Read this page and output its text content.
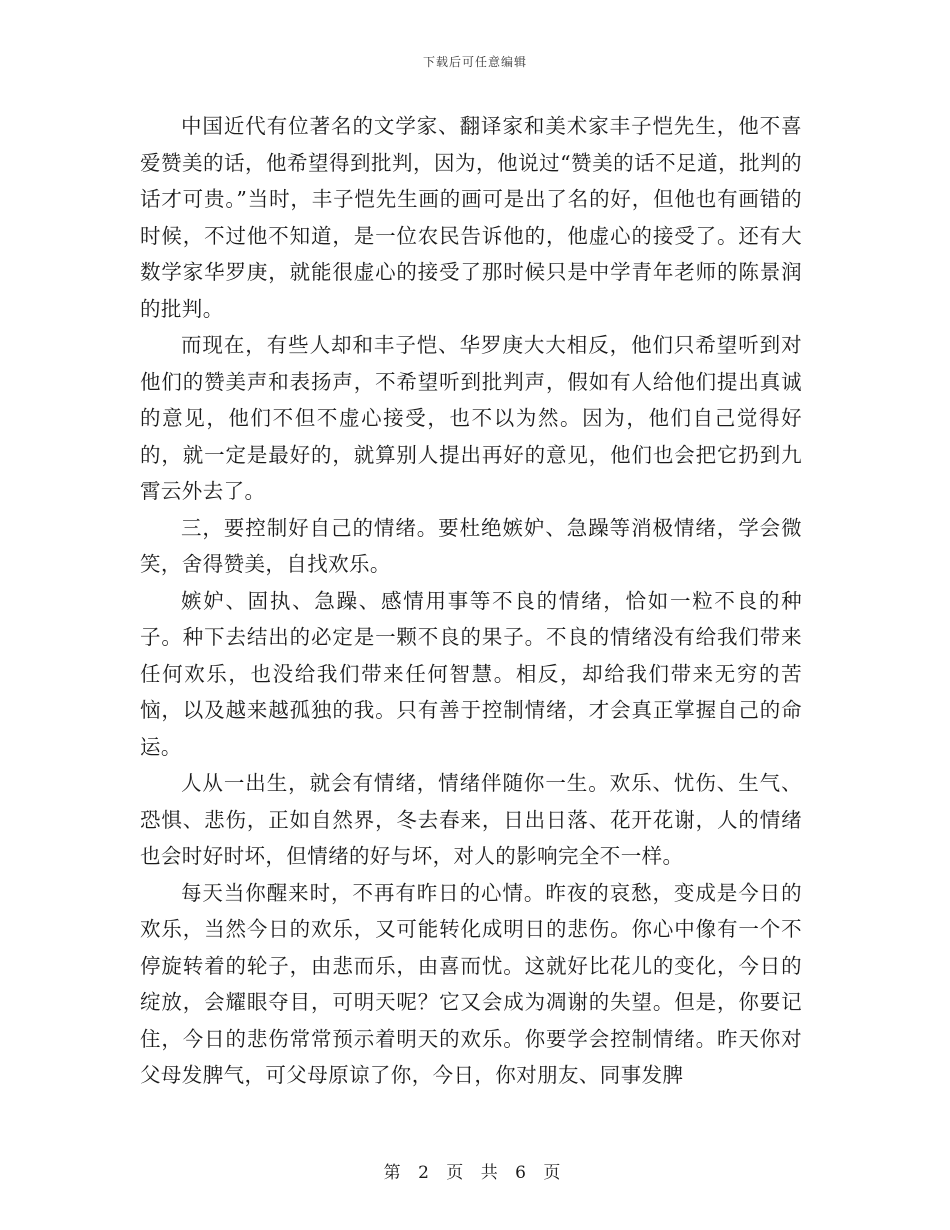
下载后可任意编辑

中国近代有位著名的文学家、翻译家和美术家丰子恺先生，他不喜爱赞美的话，他希望得到批判，因为，他说过“赞美的话不足道，批判的话才可贵。”当时，丰子恺先生画的画可是出了名的好，但他也有画错的时候，不过他不知道，是一位农民告诉他的，他虚心的接受了。还有大数学家华罗庚，就能很虚心的接受了那时候只是中学青年老师的陈景润的批判。

而现在，有些人却和丰子恺、华罗庚大大相反，他们只希望听到对他们的赞美声和表扬声，不希望听到批判声，假如有人给他们提出真诚的意见，他们不但不虚心接受，也不以为然。因为，他们自己觉得好的，就一定是最好的，就算别人提出再好的意见，他们也会把它扔到九霄云外去了。

三，要控制好自己的情绪。要杜绝嫉妒、急躁等消极情绪，学会微笑，舍得赞美，自找欢乐。

嫉妒、固执、急躁、感情用事等不良的情绪，恰如一粒不良的种子。种下去结出的必定是一颗不良的果子。不良的情绪没有给我们带来任何欢乐，也没给我们带来任何智慧。相反，却给我们带来无穷的苦恼，以及越来越孤独的我。只有善于控制情绪，才会真正掌握自己的命运。

人从一出生，就会有情绪，情绪伴随你一生。欢乐、忧伤、生气、恐惧、悲伤，正如自然界，冬去春来，日出日落、花开花谢，人的情绪也会时好时坏，但情绪的好与坏，对人的影响完全不一样。

每天当你醒来时，不再有昨日的心情。昨夜的哀愁，变成是今日的欢乐，当然今日的欢乐，又可能转化成明日的悲伤。你心中像有一个不停旋转着的轮子，由悲而乐，由喜而忧。这就好比花儿的变化，今日的绽放，会耀眼夺目，可明天呢？它又会成为凋谢的失望。但是，你要记住，今日的悲伤常常预示着明天的欢乐。你要学会控制情绪。昨天你对父母发脾气，可父母原谅了你，今日，你对朋友、同事发脾

第 2 页 共 6 页
